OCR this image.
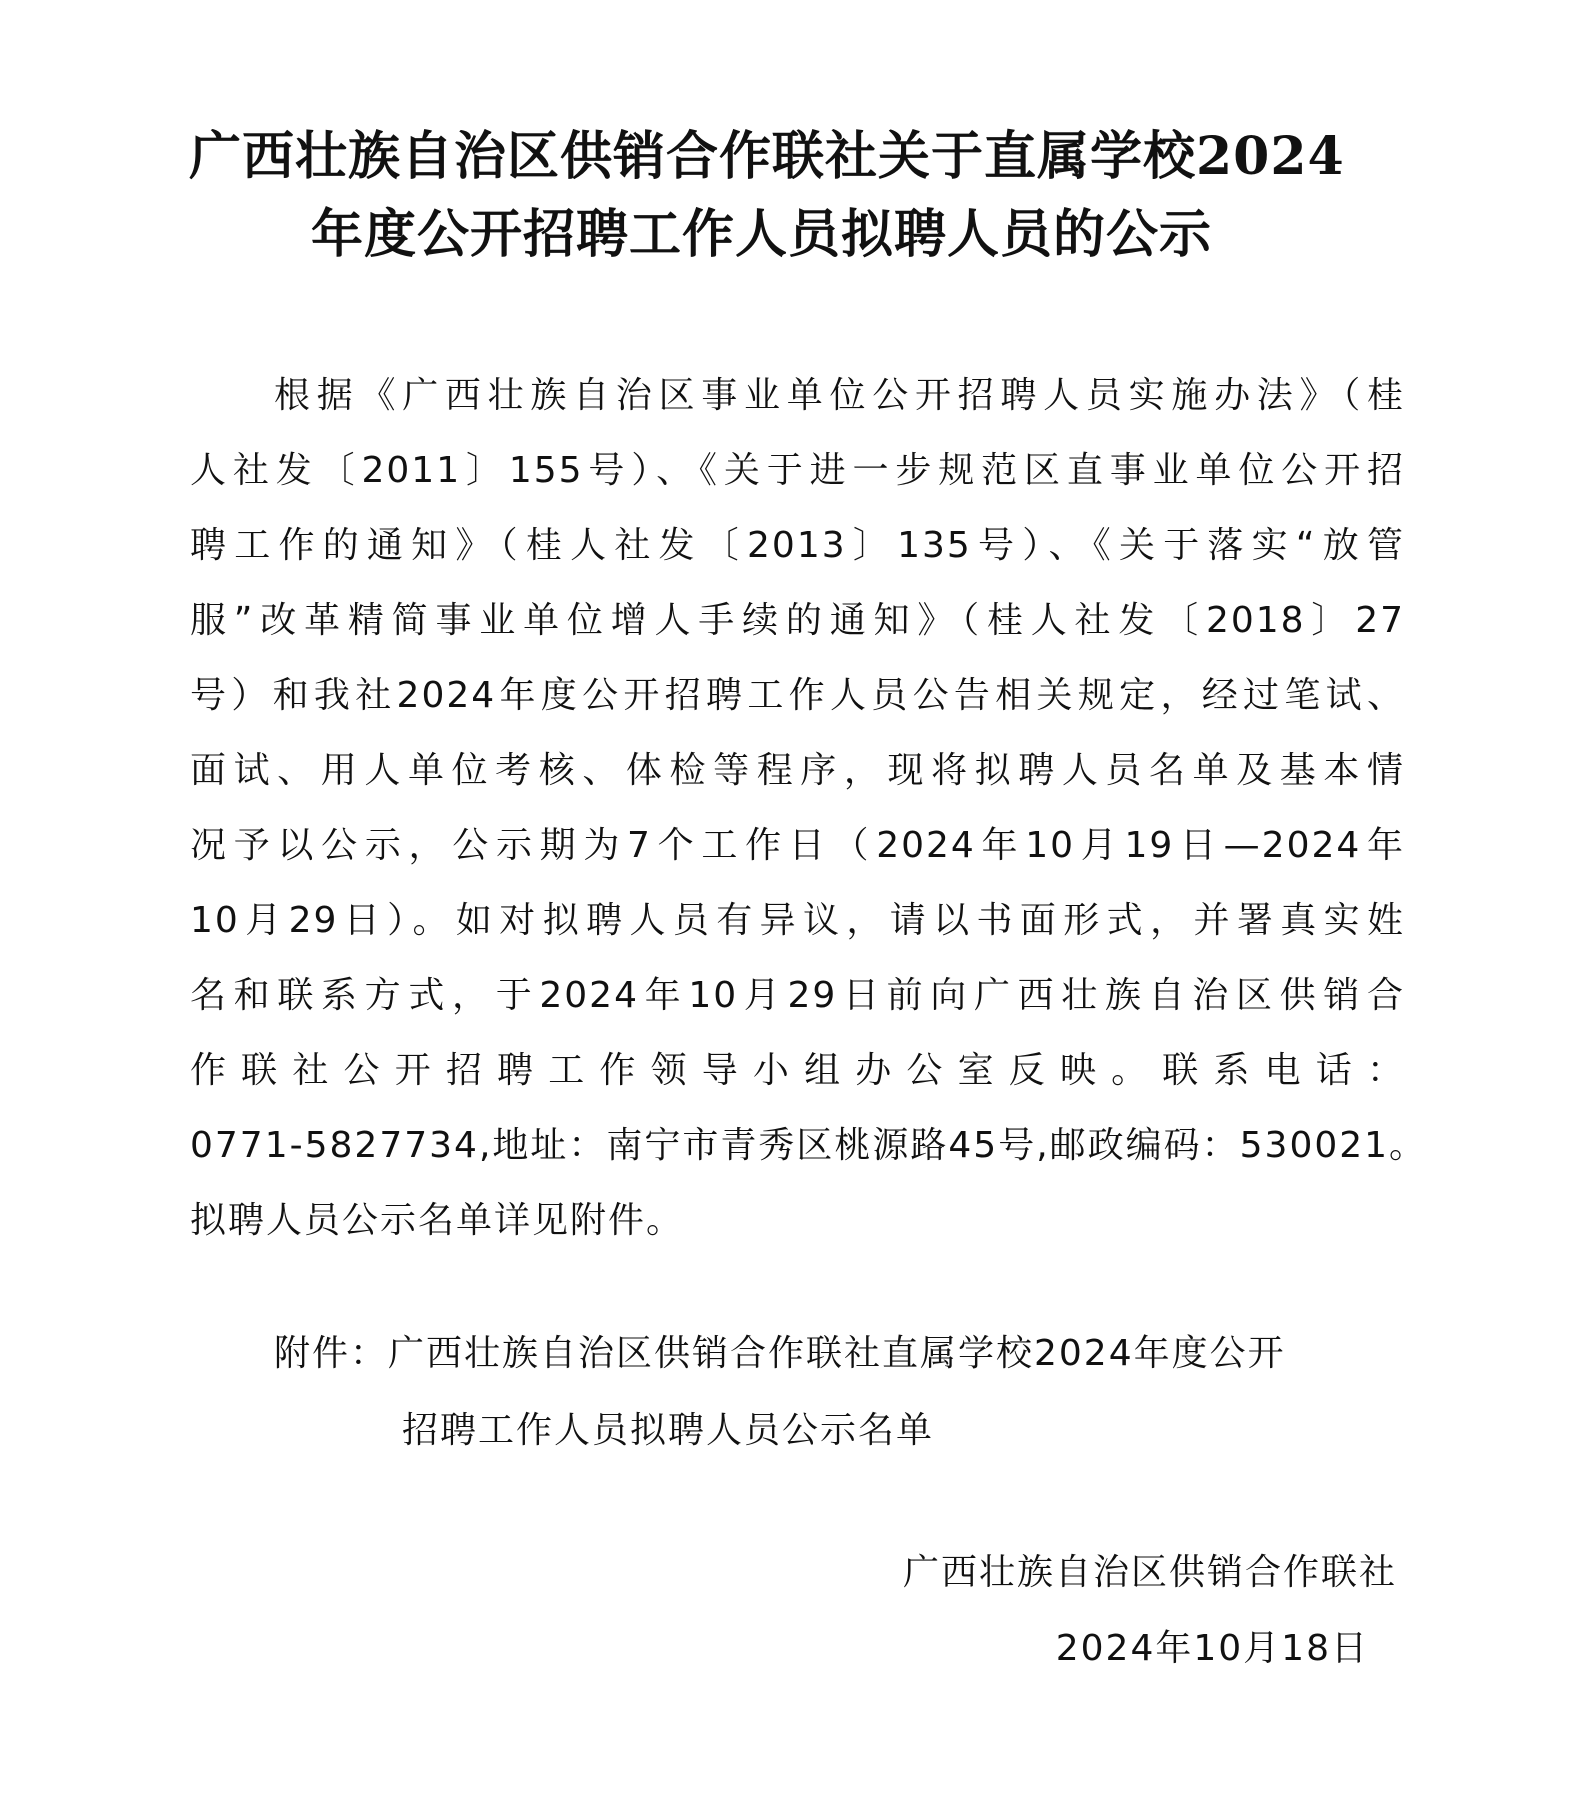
广西壮族自治区供销合作联社关于直属学校2024
年度公开招聘工作人员拟聘人员的公示
根据《广西壮族自治区事业单位公开招聘人员实施办法》（桂
人社发〔2011〕155号）、《关于进一步规范区直事业单位公开招
聘工作的通知》（桂人社发〔2013〕135号）、《关于落实“放管
服”改革精简事业单位增人手续的通知》（桂人社发〔2018〕27
号）和我社2024年度公开招聘工作人员公告相关规定，经过笔试、
面试、用人单位考核、体检等程序，现将拟聘人员名单及基本情
况予以公示，公示期为7个工作日（2024年10月19日—2024年
10月29日）。如对拟聘人员有异议，请以书面形式，并署真实姓
名和联系方式，于2024年10月29日前向广西壮族自治区供销合
作联社公开招聘工作领导小组办公室反映。联系电话：
0771-5827734,地址：南宁市青秀区桃源路45号,邮政编码：530021。
拟聘人员公示名单详见附件。
附件：广西壮族自治区供销合作联社直属学校2024年度公开
招聘工作人员拟聘人员公示名单
广西壮族自治区供销合作联社
2024年10月18日
